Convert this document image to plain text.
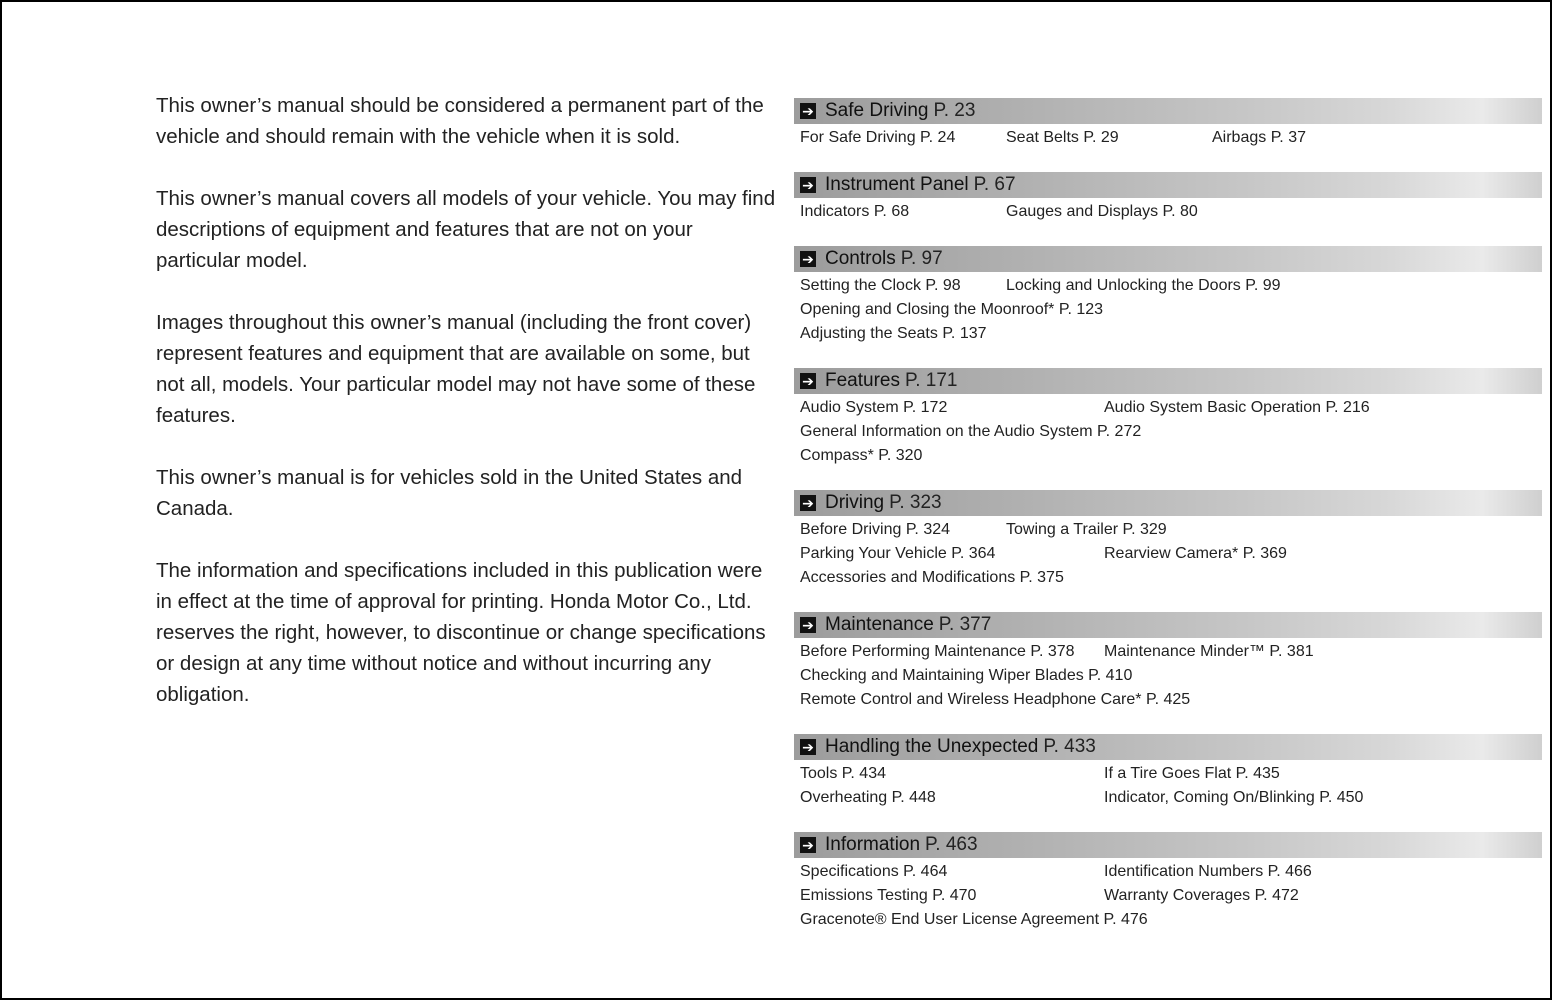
This owner’s manual should be considered a permanent part of the vehicle and should remain with the vehicle when it is sold.

This owner’s manual covers all models of your vehicle. You may find descriptions of equipment and features that are not on your particular model.

Images throughout this owner’s manual (including the front cover) represent features and equipment that are available on some, but not all, models. Your particular model may not have some of these features.

This owner’s manual is for vehicles sold in the United States and Canada.

The information and specifications included in this publication were in effect at the time of approval for printing. Honda Motor Co., Ltd. reserves the right, however, to discontinue or change specifications or design at any time without notice and without incurring any obligation.

➔ Safe Driving P. 23
For Safe Driving P. 24	Seat Belts P. 29	Airbags P. 37
➔ Instrument Panel P. 67
Indicators P. 68	Gauges and Displays P. 80
➔ Controls P. 97
Setting the Clock P. 98	Locking and Unlocking the Doors P. 99
Opening and Closing the Moonroof* P. 123
Adjusting the Seats P. 137
➔ Features P. 171
Audio System P. 172	Audio System Basic Operation P. 216
General Information on the Audio System P. 272
Compass* P. 320
➔ Driving P. 323
Before Driving P. 324	Towing a Trailer P. 329
Parking Your Vehicle P. 364	Rearview Camera* P. 369
Accessories and Modifications P. 375
➔ Maintenance P. 377
Before Performing Maintenance P. 378 Maintenance Minder™ P. 381
Checking and Maintaining Wiper Blades P. 410
Remote Control and Wireless Headphone Care* P. 425
➔ Handling the Unexpected P. 433
Tools P. 434	If a Tire Goes Flat P. 435
Overheating P. 448	Indicator, Coming On/Blinking P. 450
➔ Information P. 463
Specifications P. 464	Identification Numbers P. 466
Emissions Testing P. 470	Warranty Coverages P. 472
Gracenote® End User License Agreement P. 476
